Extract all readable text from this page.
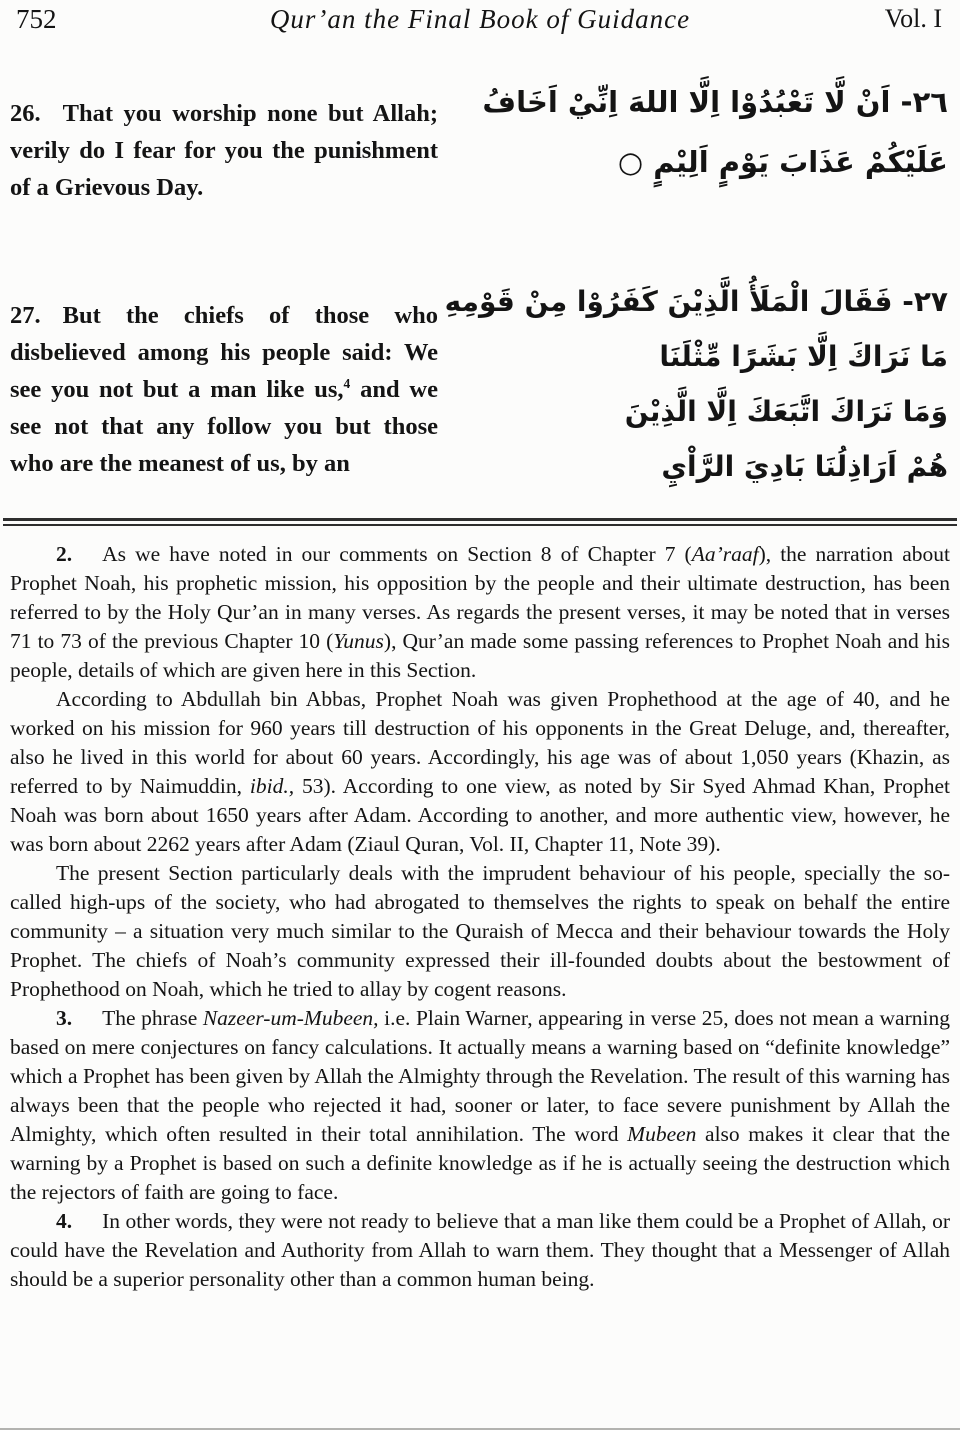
752	Qur’an the Final Book of Guidance	Vol. I

26. That you worship none but Allah; verily do I fear for you the punishment of a Grievous Day.

٢٦- اَنْ لَّا تَعْبُدُوْا اِلَّا اللهَ اِنِّيْ اَخَافُ
عَلَيْكُمْ عَذَابَ يَوْمٍ اَلِيْمٍ ○

27. But the chiefs of those who disbelieved among his people said: We see you not but a man like us,$^4$ and we see not that any follow you but those who are the meanest of us, by an

٢٧- فَقَالَ الْمَلَأُ الَّذِيْنَ كَفَرُوْا مِنْ قَوْمِهِ
مَا نَرَاكَ اِلَّا بَشَرًا مِّثْلَنَا
وَمَا نَرَاكَ اتَّبَعَكَ اِلَّا الَّذِيْنَ
هُمْ اَرَاذِلُنَا بَادِيَ الرَّاْيِ

2. As we have noted in our comments on Section 8 of Chapter 7 (Aa’raaf), the narration about Prophet Noah, his prophetic mission, his opposition by the people and their ultimate destruction, has been referred to by the Holy Qur’an in many verses. As regards the present verses, it may be noted that in verses 71 to 73 of the previous Chapter 10 (Yunus), Qur’an made some passing references to Prophet Noah and his people, details of which are given here in this Section.

According to Abdullah bin Abbas, Prophet Noah was given Prophethood at the age of 40, and he worked on his mission for 960 years till destruction of his opponents in the Great Deluge, and, thereafter, also he lived in this world for about 60 years. Accordingly, his age was of about 1,050 years (Khazin, as referred to by Naimuddin, ibid., 53). According to one view, as noted by Sir Syed Ahmad Khan, Prophet Noah was born about 1650 years after Adam. According to another, and more authentic view, however, he was born about 2262 years after Adam (Ziaul Quran, Vol. II, Chapter 11, Note 39).

The present Section particularly deals with the imprudent behaviour of his people, specially the so-called high-ups of the society, who had abrogated to themselves the rights to speak on behalf the entire community – a situation very much similar to the Quraish of Mecca and their behaviour towards the Holy Prophet. The chiefs of Noah’s community expressed their ill-founded doubts about the bestowment of Prophethood on Noah, which he tried to allay by cogent reasons.

3. The phrase Nazeer-um-Mubeen, i.e. Plain Warner, appearing in verse 25, does not mean a warning based on mere conjectures on fancy calculations. It actually means a warning based on “definite knowledge” which a Prophet has been given by Allah the Almighty through the Revelation. The result of this warning has always been that the people who rejected it had, sooner or later, to face severe punishment by Allah the Almighty, which often resulted in their total annihilation. The word Mubeen also makes it clear that the warning by a Prophet is based on such a definite knowledge as if he is actually seeing the destruction which the rejectors of faith are going to face.

4. In other words, they were not ready to believe that a man like them could be a Prophet of Allah, or could have the Revelation and Authority from Allah to warn them. They thought that a Messenger of Allah should be a superior personality other than a common human being.
